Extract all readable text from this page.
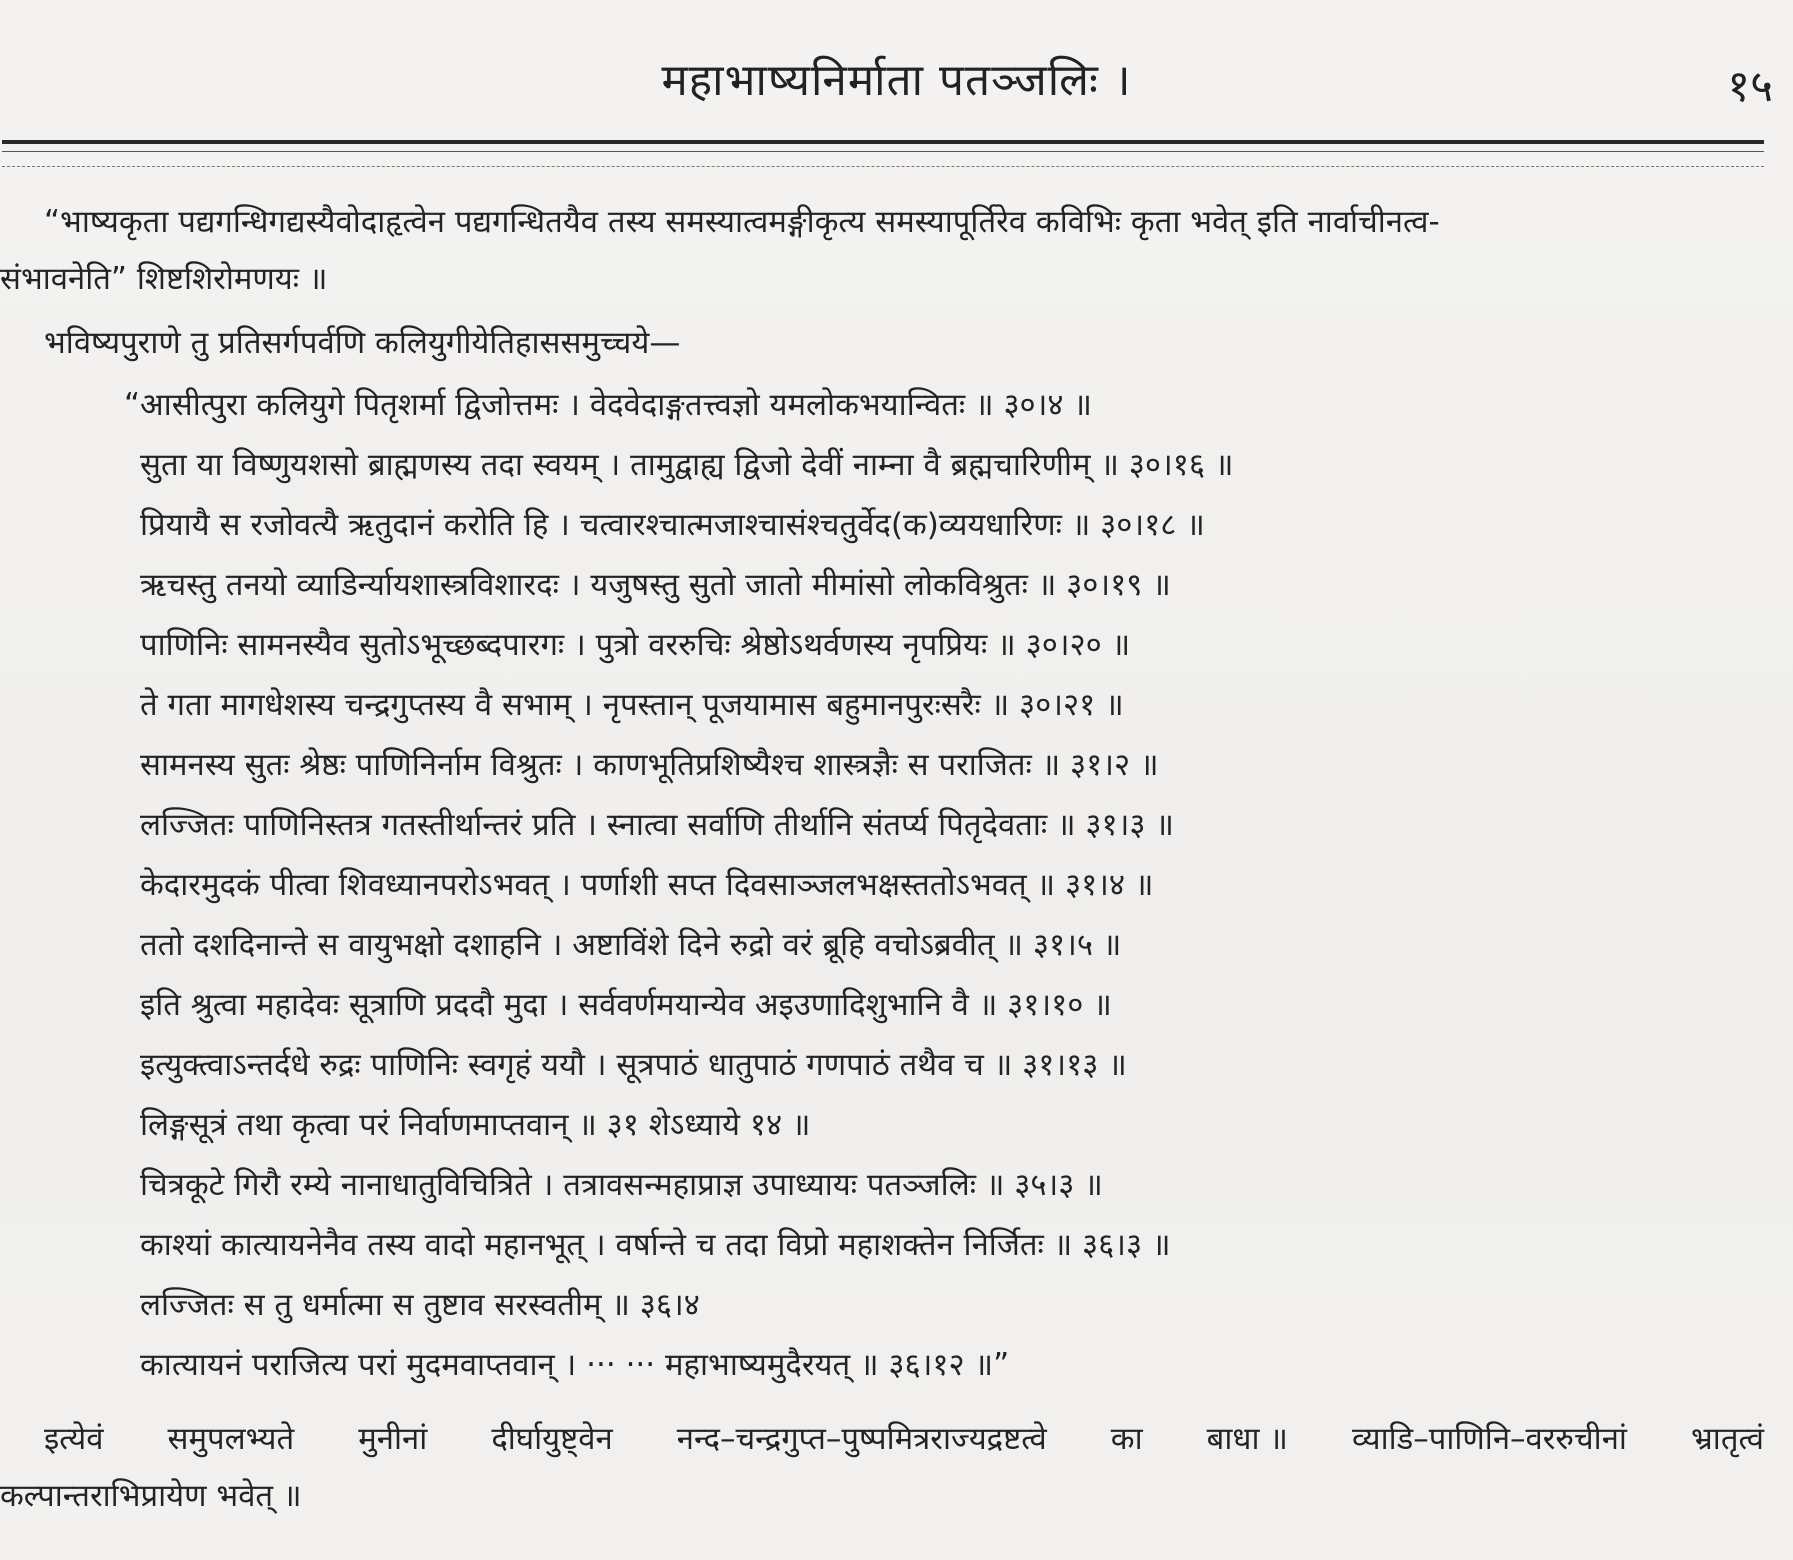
महाभाष्यनिर्माता पतञ्जलिः ।	१५
“भाष्यकृता पद्यगन्धिगद्यस्यैवोदाहृत्वेन पद्यगन्धितयैव तस्य समस्यात्वमङ्गीकृत्य समस्यापूर्तिरेव कविभिः कृता भवेत् इति नार्वाचीनत्व-
संभावनेति” शिष्टशिरोमणयः ॥
भविष्यपुराणे तु प्रतिसर्गपर्वणि कलियुगीयेतिहाससमुच्चये—
“आसीत्पुरा कलियुगे पितृशर्मा द्विजोत्तमः । वेदवेदाङ्गतत्त्वज्ञो यमलोकभयान्वितः ॥ ३०।४ ॥
सुता या विष्णुयशसो ब्राह्मणस्य तदा स्वयम् । तामुद्वाह्य द्विजो देवीं नाम्ना वै ब्रह्मचारिणीम् ॥ ३०।१६ ॥
प्रियायै स रजोवत्यै ऋतुदानं करोति हि । चत्वारश्चात्मजाश्चासंश्चतुर्वेद(क)व्ययधारिणः ॥ ३०।१८ ॥
ऋचस्तु तनयो व्याडिर्न्यायशास्त्रविशारदः । यजुषस्तु सुतो जातो मीमांसो लोकविश्रुतः ॥ ३०।१९ ॥
पाणिनिः सामनस्यैव सुतोऽभूच्छब्दपारगः । पुत्रो वररुचिः श्रेष्ठोऽथर्वणस्य नृपप्रियः ॥ ३०।२० ॥
ते गता मागधेशस्य चन्द्रगुप्तस्य वै सभाम् । नृपस्तान् पूजयामास बहुमानपुरःसरैः ॥ ३०।२१ ॥
सामनस्य सुतः श्रेष्ठः पाणिनिर्नाम विश्रुतः । काणभूतिप्रशिष्यैश्च शास्त्रज्ञैः स पराजितः ॥ ३१।२ ॥
लज्जितः पाणिनिस्तत्र गतस्तीर्थान्तरं प्रति । स्नात्वा सर्वाणि तीर्थानि संतर्प्य पितृदेवताः ॥ ३१।३ ॥
केदारमुदकं पीत्वा शिवध्यानपरोऽभवत् । पर्णाशी सप्त दिवसाञ्जलभक्षस्ततोऽभवत् ॥ ३१।४ ॥
ततो दशदिनान्ते स वायुभक्षो दशाहनि । अष्टाविंशे दिने रुद्रो वरं ब्रूहि वचोऽब्रवीत् ॥ ३१।५ ॥
इति श्रुत्वा महादेवः सूत्राणि प्रददौ मुदा । सर्ववर्णमयान्येव अइउणादिशुभानि वै ॥ ३१।१० ॥
इत्युक्त्वाऽन्तर्दधे रुद्रः पाणिनिः स्वगृहं ययौ । सूत्रपाठं धातुपाठं गणपाठं तथैव च ॥ ३१।१३ ॥
लिङ्गसूत्रं तथा कृत्वा परं निर्वाणमाप्तवान् ॥ ३१ शेऽध्याये १४ ॥
चित्रकूटे गिरौ रम्ये नानाधातुविचित्रिते । तत्रावसन्महाप्राज्ञ उपाध्यायः पतञ्जलिः ॥ ३५।३ ॥
काश्यां कात्यायनेनैव तस्य वादो महानभूत् । वर्षान्ते च तदा विप्रो महाशक्तेन निर्जितः ॥ ३६।३ ॥
लज्जितः स तु धर्मात्मा स तुष्टाव सरस्वतीम् ॥ ३६।४
कात्यायनं पराजित्य परां मुदमवाप्तवान् । ··· ··· महाभाष्यमुदैरयत् ॥ ३६।१२ ॥”
इत्येवं समुपलभ्यते मुनीनां दीर्घायुष्ट्वेन नन्द–चन्द्रगुप्त–पुष्पमित्रराज्यद्रष्टत्वे का बाधा ॥ व्याडि–पाणिनि–वररुचीनां भ्रातृत्वं
कल्पान्तराभिप्रायेण भवेत् ॥
